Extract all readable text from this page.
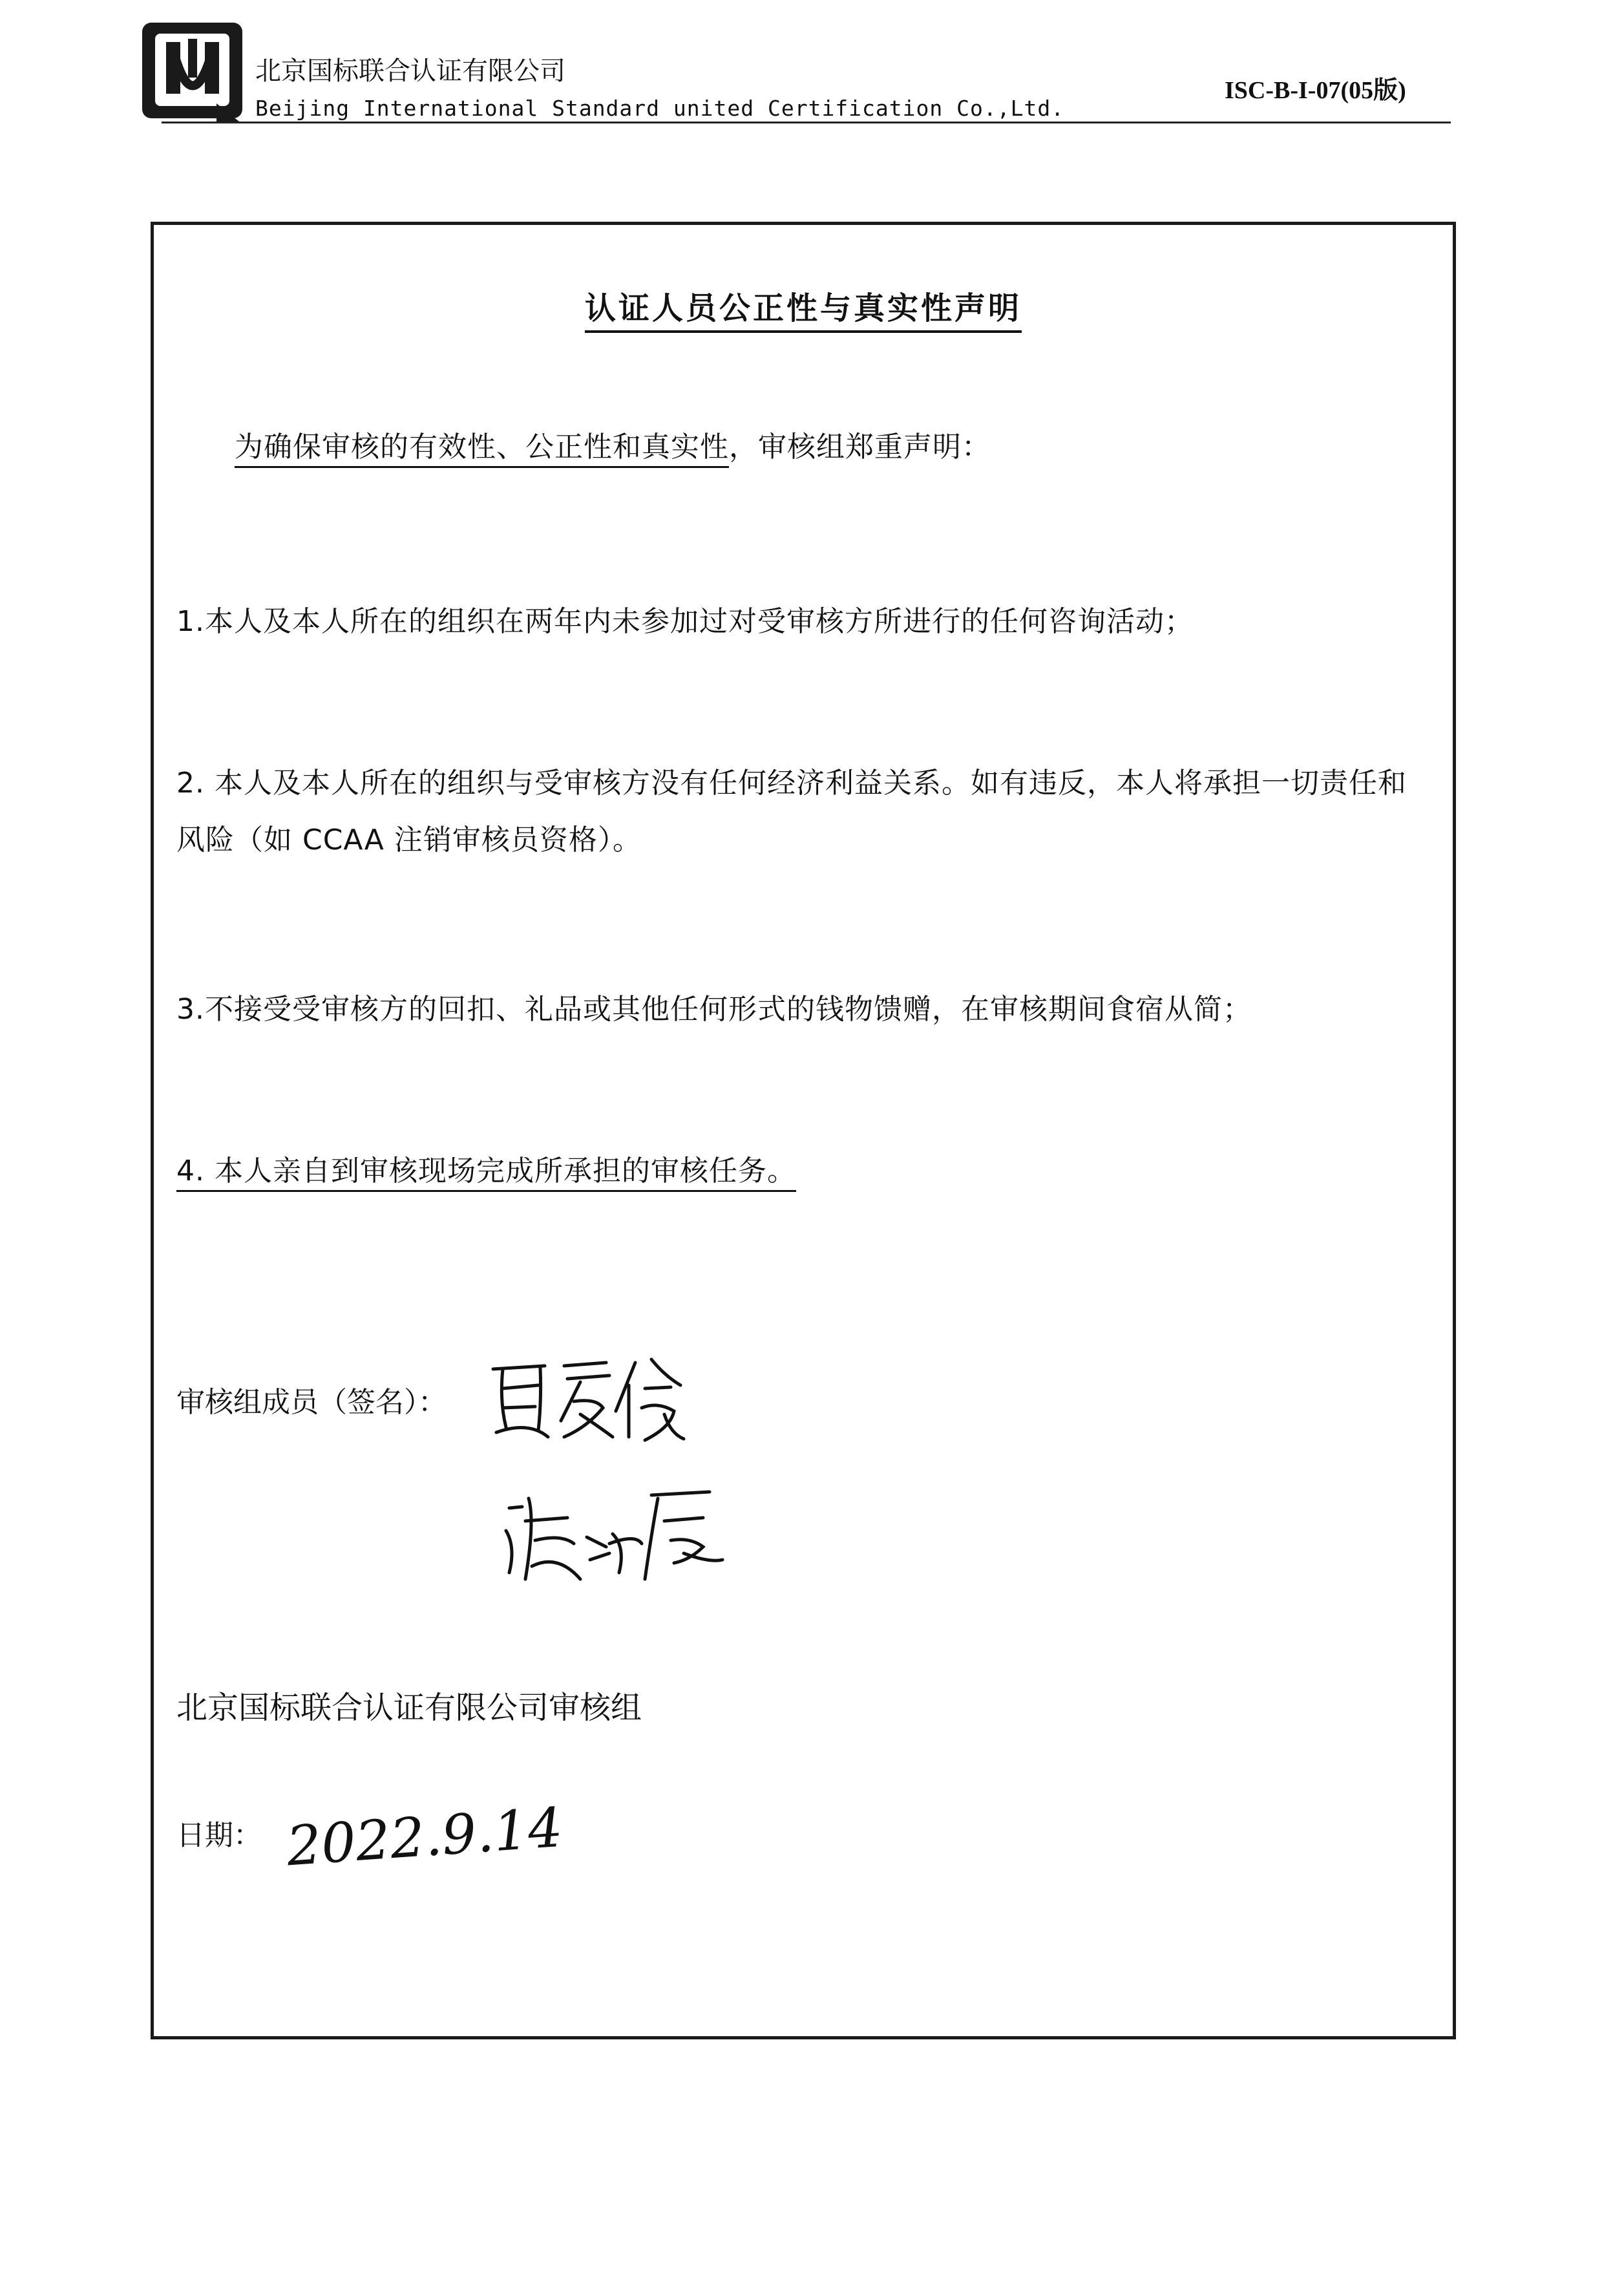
北京国标联合认证有限公司
Beijing International Standard united Certification Co.,Ltd.
ISC-B-I-07(05版)
认证人员公正性与真实性声明
为确保审核的有效性、公正性和真实性，审核组郑重声明：
1.本人及本人所在的组织在两年内未参加过对受审核方所进行的任何咨询活动；
2. 本人及本人所在的组织与受审核方没有任何经济利益关系。如有违反，本人将承担一切责任和风险（如 CCAA 注销审核员资格）。
3.不接受受审核方的回扣、礼品或其他任何形式的钱物馈赠，在审核期间食宿从简；
4. 本人亲自到审核现场完成所承担的审核任务。
审核组成员（签名）：
北京国标联合认证有限公司审核组
日期： 2022.9.14
